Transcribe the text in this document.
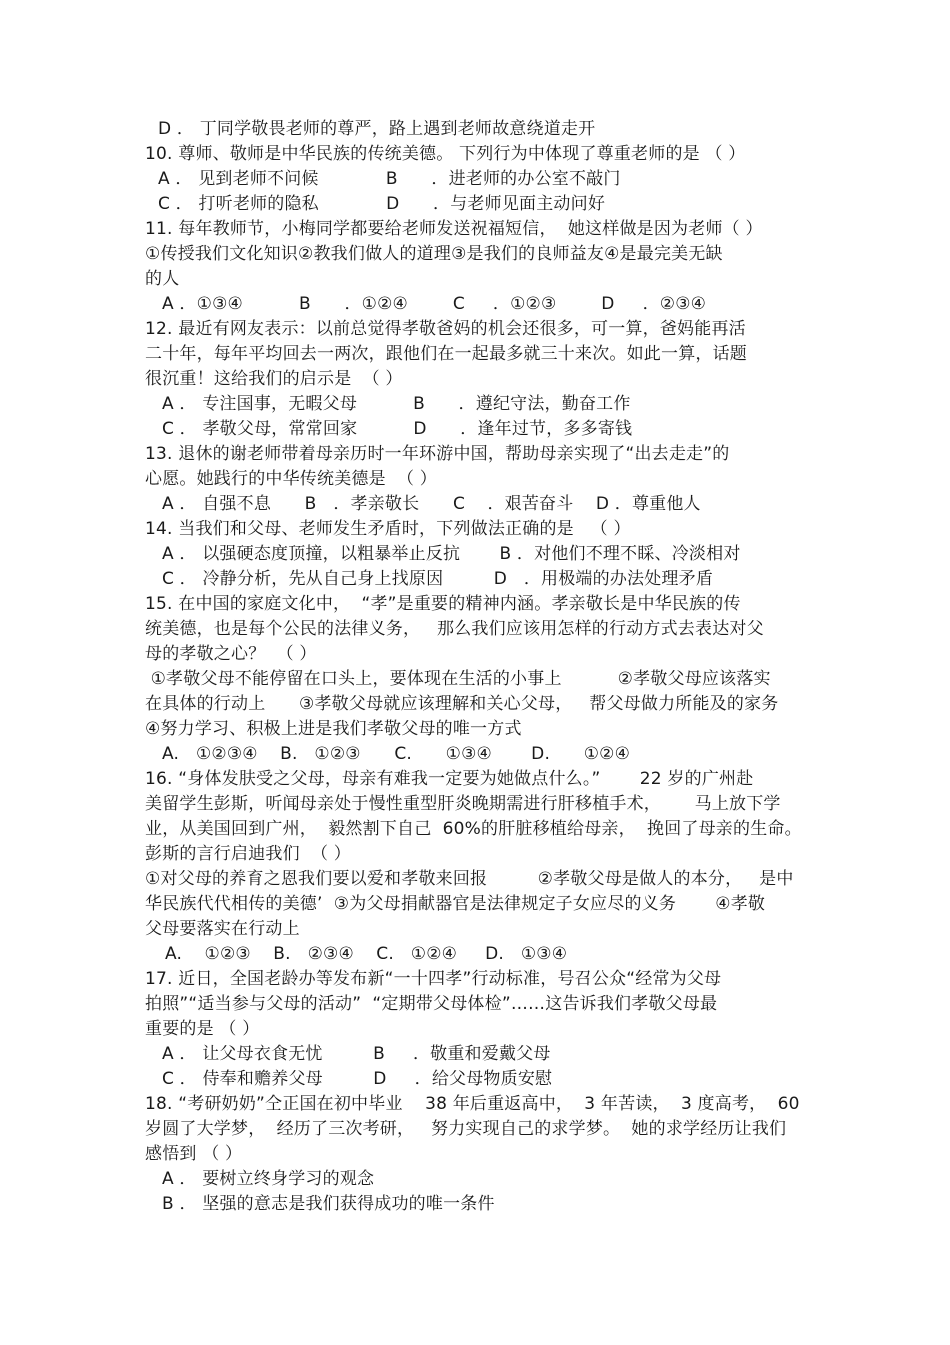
D ． 丁同学敬畏老师的尊严，路上遇到老师故意绕道走开
10. 尊师、敬师是中华民族的传统美德。 下列行为中体现了尊重老师的是 （ ）
A ． 见到老师不问候            B      ．进老师的办公室不敲门
C ． 打听老师的隐私            D      ．与老师见面主动问好
11. 每年教师节，小梅同学都要给老师发送祝福短信，  她这样做是因为老师（ ）
①传授我们文化知识②教我们做人的道理③是我们的良师益友④是最完美无缺
的人
A ．①③④          B      ．①②④        C     ．①②③        D     ．②③④
12. 最近有网友表示：以前总觉得孝敬爸妈的机会还很多，可一算，爸妈能再活
二十年，每年平均回去一两次，跟他们在一起最多就三十来次。如此一算，话题
很沉重！这给我们的启示是  （ ）
A ． 专注国事，无暇父母          B      ．遵纪守法，勤奋工作
C ． 孝敬父母，常常回家          D      ．逢年过节，多多寄钱
13. 退休的谢老师带着母亲历时一年环游中国，帮助母亲实现了“出去走走”的
心愿。她践行的中华传统美德是  （ ）
A ． 自强不息      B   ．孝亲敬长      C    ．艰苦奋斗    D ．尊重他人
14. 当我们和父母、老师发生矛盾时，下列做法正确的是   （ ）
A ． 以强硬态度顶撞，以粗暴举止反抗       B ．对他们不理不睬、冷淡相对
C ． 冷静分析，先从自己身上找原因         D   ．用极端的办法处理矛盾
15. 在中国的家庭文化中，  “孝”是重要的精神内涵。孝亲敬长是中华民族的传
统美德，也是每个公民的法律义务，   那么我们应该用怎样的行动方式去表达对父
母的孝敬之心？  （ ）
①孝敬父母不能停留在口头上，要体现在生活的小事上          ②孝敬父母应该落实
在具体的行动上      ③孝敬父母就应该理解和关心父母，   帮父母做力所能及的家务
④努力学习、积极上进是我们孝敬父母的唯一方式
A.   ①②③④    B.   ①②③      C.      ①③④       D.      ①②④
16. “身体发肤受之父母，母亲有难我一定要为她做点什么。”       22 岁的广州赴
美留学生彭斯，听闻母亲处于慢性重型肝炎晚期需进行肝移植手术，      马上放下学
业，从美国回到广州，  毅然割下自己  60%的肝脏移植给母亲，  挽回了母亲的生命。
彭斯的言行启迪我们  （ ）
①对父母的养育之恩我们要以爱和孝敬来回报         ②孝敬父母是做人的本分，   是中
华民族代代相传的美德’  ③为父母捐献器官是法律规定子女应尽的义务       ④孝敬
父母要落实在行动上
A.    ①②③    B.   ②③④    C.   ①②④     D.   ①③④
17. 近日，全国老龄办等发布新“一十四孝”行动标准，号召公众“经常为父母
拍照”“适当参与父母的活动”  “定期带父母体检”……这告诉我们孝敬父母最
重要的是 （ ）
A ． 让父母衣食无忧         B     ．敬重和爱戴父母
C ． 侍奉和赡养父母         D     ．给父母物质安慰
18. “考研奶奶”仝正国在初中毕业    38 年后重返高中，  3 年苦读，  3 度高考，  60
岁圆了大学梦，  经历了三次考研，   努力实现自己的求学梦。  她的求学经历让我们
感悟到 （ ）
A ． 要树立终身学习的观念
B ． 坚强的意志是我们获得成功的唯一条件
